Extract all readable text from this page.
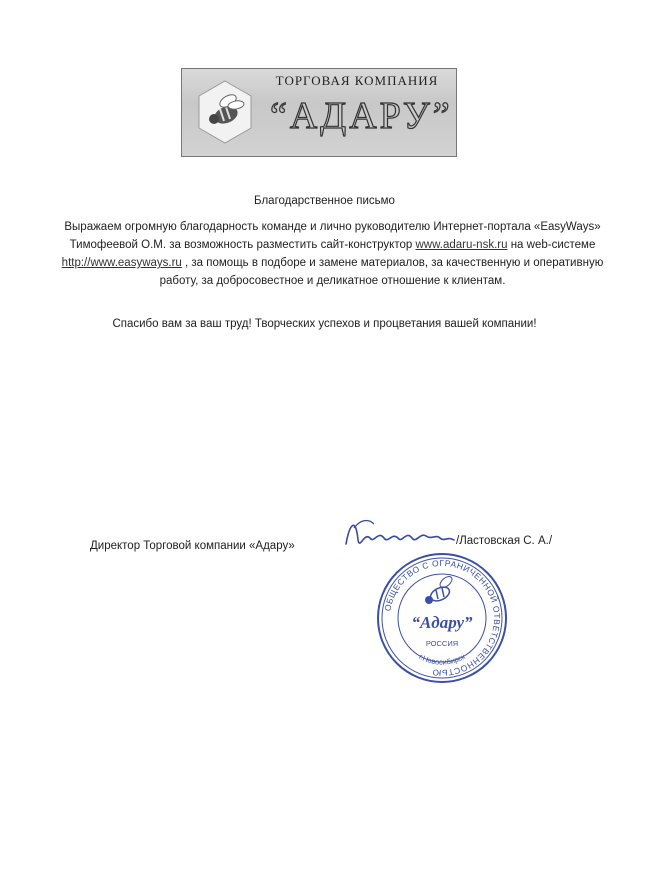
ТОРГОВАЯ КОМПАНИЯ
“АДАРУ”
Благодарственное письмо
Выражаем огромную благодарность команде и лично руководителю Интернет-портала «EasyWays» Тимофеевой О.М. за возможность разместить сайт-конструктор www.adaru-nsk.ru на web-системе http://www.easyways.ru , за помощь в подборе и замене материалов, за качественную и оперативную работу, за добросовестное и деликатное отношение к клиентам.
Спасибо вам за ваш труд! Творческих успехов и процветания вашей компании!
Директор Торговой компании «Адару»	/Ластовская С. А./
ОБЩЕСТВО С ОГРАНИЧЕННОЙ ОТВЕТСТВЕННОСТЬЮ
“Адару”
РОССИЯ
г.Новосибирск
